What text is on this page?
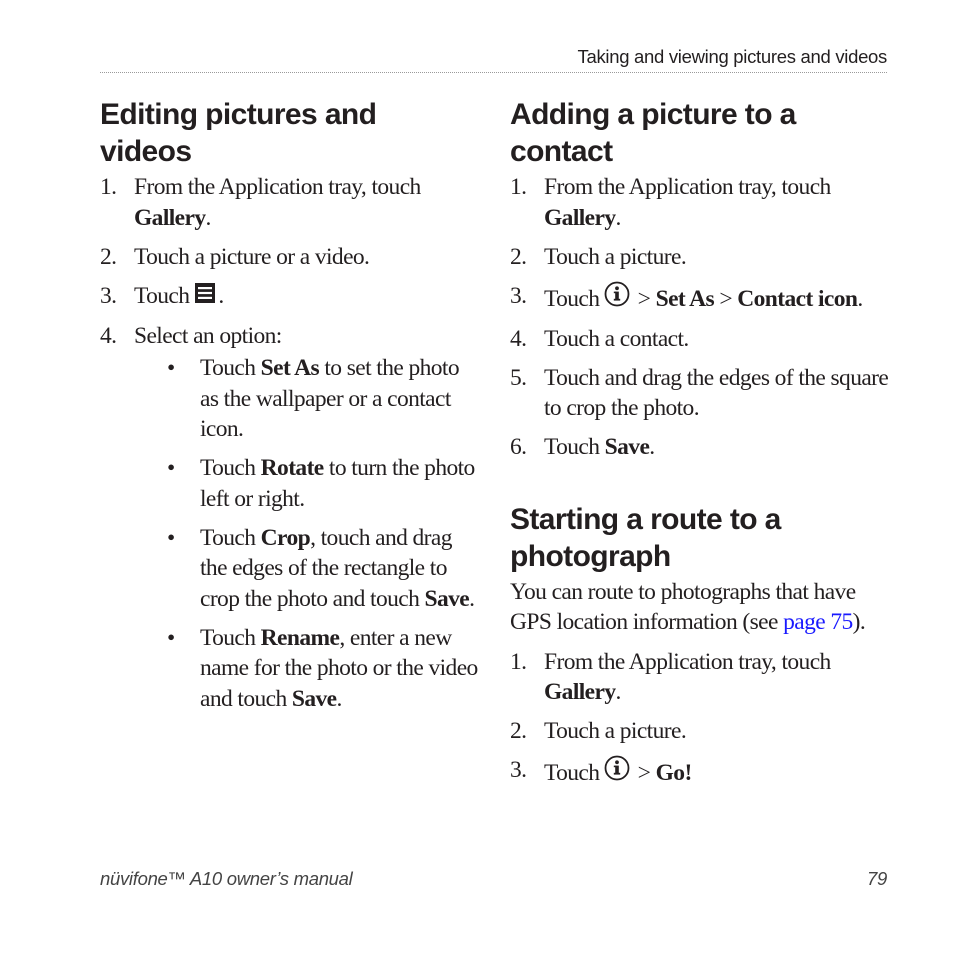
Taking and viewing pictures and videos
Editing pictures and
videos
1. From the Application tray, touch Gallery.
2. Touch a picture or a video.
3. Touch .
4. Select an option:
• Touch Set As to set the photo as the wallpaper or a contact icon.
• Touch Rotate to turn the photo left or right.
• Touch Crop, touch and drag the edges of the rectangle to crop the photo and touch Save.
• Touch Rename, enter a new name for the photo or the video and touch Save.
Adding a picture to a
contact
1. From the Application tray, touch Gallery.
2. Touch a picture.
3. Touch > Set As > Contact icon.
4. Touch a contact.
5. Touch and drag the edges of the square to crop the photo.
6. Touch Save.
Starting a route to a
photograph
You can route to photographs that have GPS location information (see page 75).
1. From the Application tray, touch Gallery.
2. Touch a picture.
3. Touch > Go!
nüvifone™ A10 owner’s manual	79
